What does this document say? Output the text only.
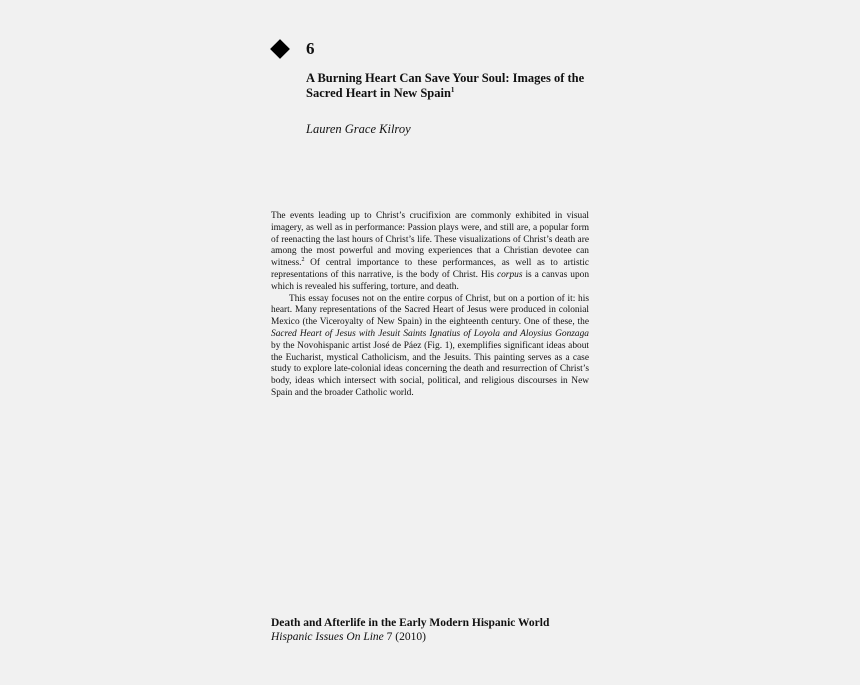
6
A Burning Heart Can Save Your Soul: Images of the Sacred Heart in New Spain$^1$
Lauren Grace Kilroy

The events leading up to Christ’s crucifixion are commonly exhibited in visual imagery, as well as in performance: Passion plays were, and still are, a popular form of reenacting the last hours of Christ’s life. These visualizations of Christ’s death are among the most powerful and moving experiences that a Christian devotee can witness.$^2$ Of central importance to these performances, as well as to artistic representations of this narrative, is the body of Christ. His corpus is a canvas upon which is revealed his suffering, torture, and death.

This essay focuses not on the entire corpus of Christ, but on a portion of it: his heart. Many representations of the Sacred Heart of Jesus were produced in colonial Mexico (the Viceroyalty of New Spain) in the eighteenth century. One of these, the Sacred Heart of Jesus with Jesuit Saints Ignatius of Loyola and Aloysius Gonzaga by the Novohispanic artist José de Páez (Fig. 1), exemplifies significant ideas about the Eucharist, mystical Catholicism, and the Jesuits. This painting serves as a case study to explore late-colonial ideas concerning the death and resurrection of Christ’s body, ideas which intersect with social, political, and religious discourses in New Spain and the broader Catholic world.

Death and Afterlife in the Early Modern Hispanic World
Hispanic Issues On Line 7 (2010)
